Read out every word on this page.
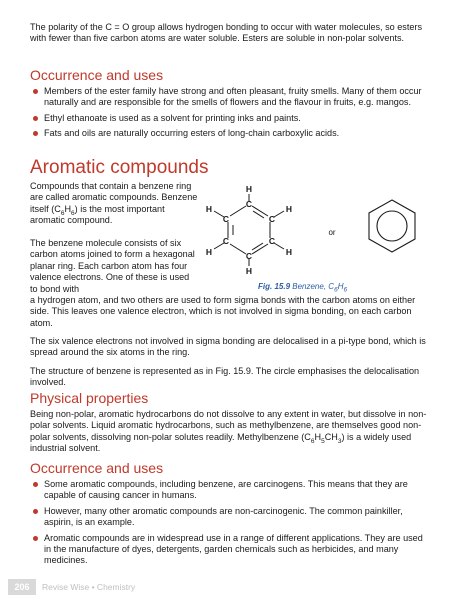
The polarity of the C = O group allows hydrogen bonding to occur with water molecules, so esters with fewer than five carbon atoms are water soluble. Esters are soluble in non-polar solvents.

Occurrence and uses
Members of the ester family have strong and often pleasant, fruity smells. Many of them occur naturally and are responsible for the smells of flowers and the flavour in fruits, e.g. mangos.
Ethyl ethanoate is used as a solvent for printing inks and paints.
Fats and oils are naturally occurring esters of long-chain carboxylic acids.
Aromatic compounds

Compounds that contain a benzene ring are called aromatic compounds. Benzene itself $(C_6H_6)$ is the most important aromatic compound.

The benzene molecule consists of six carbon atoms joined to form a hexagonal planar ring. Each carbon atom has four valence electrons. One of these is used to bond with

a hydrogen atom, and two others are used to form sigma bonds with the carbon atoms on either side. This leaves one valence electron, which is not involved in sigma bonding, on each carbon atom.

The six valence electrons not involved in sigma bonding are delocalised in a pi-type bond, which is spread around the six atoms in the ring.

The structure of benzene is represented as in Fig. 15.9. The circle emphasises the delocalisation involved.

C
C
C
C
C
C
H
H
H
H
H
H
or
Fig. 15.9 Benzene, $C_6H_6$
Physical properties

Being non-polar, aromatic hydrocarbons do not dissolve to any extent in water, but dissolve in non-polar solvents. Liquid aromatic hydrocarbons, such as methylbenzene, are themselves good non-polar solvents, dissolving non-polar solutes readily. Methylbenzene $(C_6H_5CH_3)$ is a widely used industrial solvent.

Occurrence and uses
Some aromatic compounds, including benzene, are carcinogens. This means that they are capable of causing cancer in humans.
However, many other aromatic compounds are non-carcinogenic. The common painkiller, aspirin, is an example.
Aromatic compounds are in widespread use in a range of different applications. They are used in the manufacture of dyes, detergents, garden chemicals such as herbicides, and many medicines.
206	Revise Wise • Chemistry
